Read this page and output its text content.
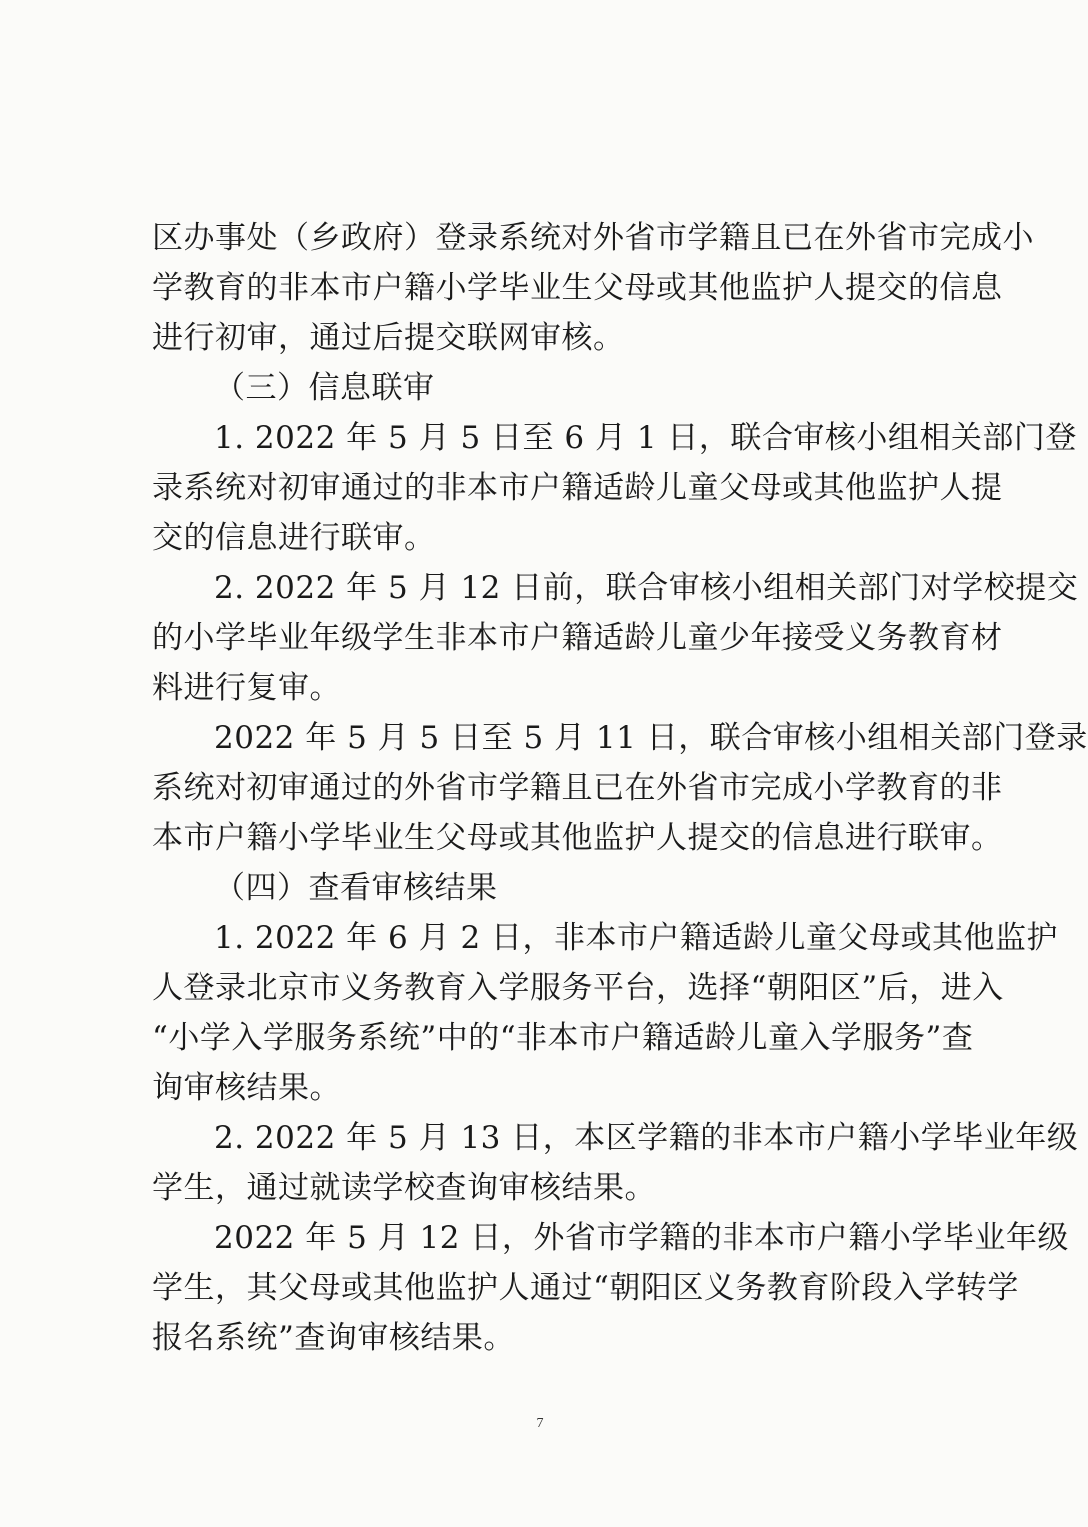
区办事处（乡政府）登录系统对外省市学籍且已在外省市完成小
学教育的非本市户籍小学毕业生父母或其他监护人提交的信息
进行初审，通过后提交联网审核。
（三）信息联审
1. 2022 年 5 月 5 日至 6 月 1 日，联合审核小组相关部门登
录系统对初审通过的非本市户籍适龄儿童父母或其他监护人提
交的信息进行联审。
2. 2022 年 5 月 12 日前，联合审核小组相关部门对学校提交
的小学毕业年级学生非本市户籍适龄儿童少年接受义务教育材
料进行复审。
2022 年 5 月 5 日至 5 月 11 日，联合审核小组相关部门登录
系统对初审通过的外省市学籍且已在外省市完成小学教育的非
本市户籍小学毕业生父母或其他监护人提交的信息进行联审。
（四）查看审核结果
1. 2022 年 6 月 2 日，非本市户籍适龄儿童父母或其他监护
人登录北京市义务教育入学服务平台，选择“朝阳区”后，进入
“小学入学服务系统”中的“非本市户籍适龄儿童入学服务”查
询审核结果。
2. 2022 年 5 月 13 日，本区学籍的非本市户籍小学毕业年级
学生，通过就读学校查询审核结果。
2022 年 5 月 12 日，外省市学籍的非本市户籍小学毕业年级
学生，其父母或其他监护人通过“朝阳区义务教育阶段入学转学
报名系统”查询审核结果。
7
